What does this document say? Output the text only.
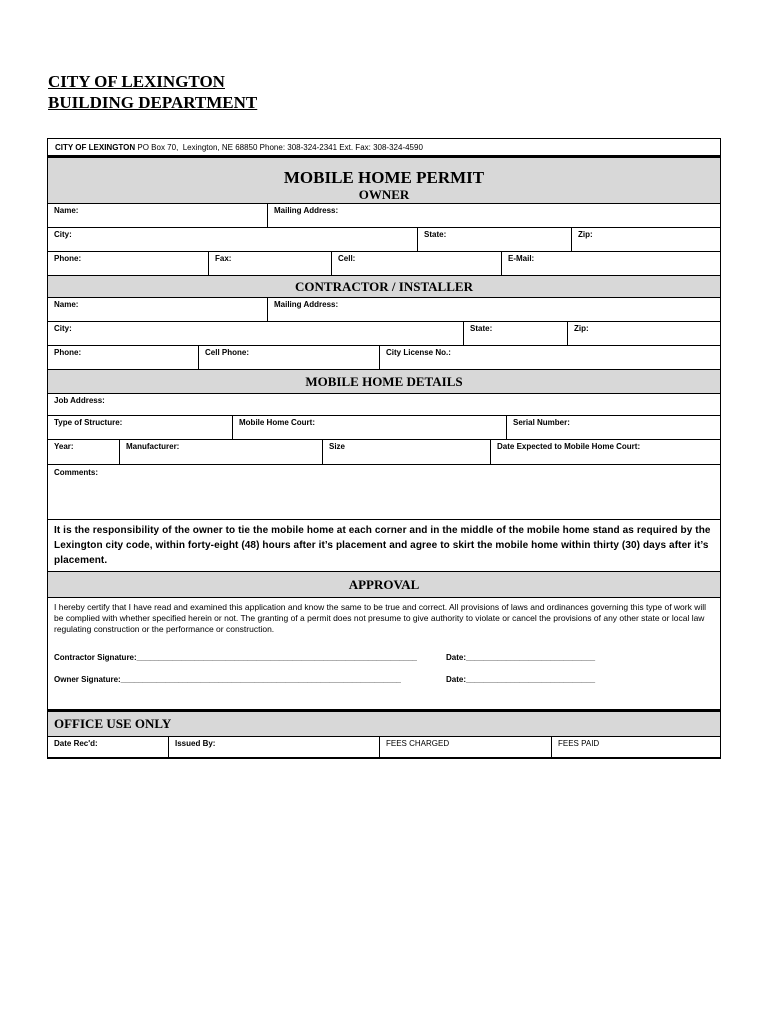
CITY OF LEXINGTON
BUILDING DEPARTMENT
CITY OF LEXINGTON PO Box 70,  Lexington, NE 68850 Phone: 308-324-2341 Ext. Fax: 308-324-4590
MOBILE HOME PERMIT
OWNER
Name:	Mailing Address:
City:	State:	Zip:
Phone:	Fax:	Cell:	E-Mail:
CONTRACTOR / INSTALLER
Name:	Mailing Address:
City:	State:	Zip:
Phone:	Cell Phone:	City License No.:
MOBILE HOME DETAILS
Job Address:
Type of Structure:	Mobile Home Court:	Serial Number:
Year:	Manufacturer:	Size	Date Expected to Mobile Home Court:
Comments:
It is the responsibility of the owner to tie the mobile home at each corner and in the middle of the mobile home stand as required by the Lexington city code, within forty-eight (48) hours after it’s placement and agree to skirt the mobile home within thirty (30) days after it’s placement.
APPROVAL
I hereby certify that I have read and examined this application and know the same to be true and correct. All provisions of laws and ordinances governing this type of work will be complied with whether specified herein or not. The granting of a permit does not presume to give authority to violate or cancel the provisions of any other state or local law regulating construction or the performance or construction.
Contractor Signature:_______________________________________________________________	Date:_____________________________
Owner Signature:_______________________________________________________________	Date:_____________________________
OFFICE USE ONLY
Date Rec'd:	Issued By:	FEES CHARGED	FEES PAID
